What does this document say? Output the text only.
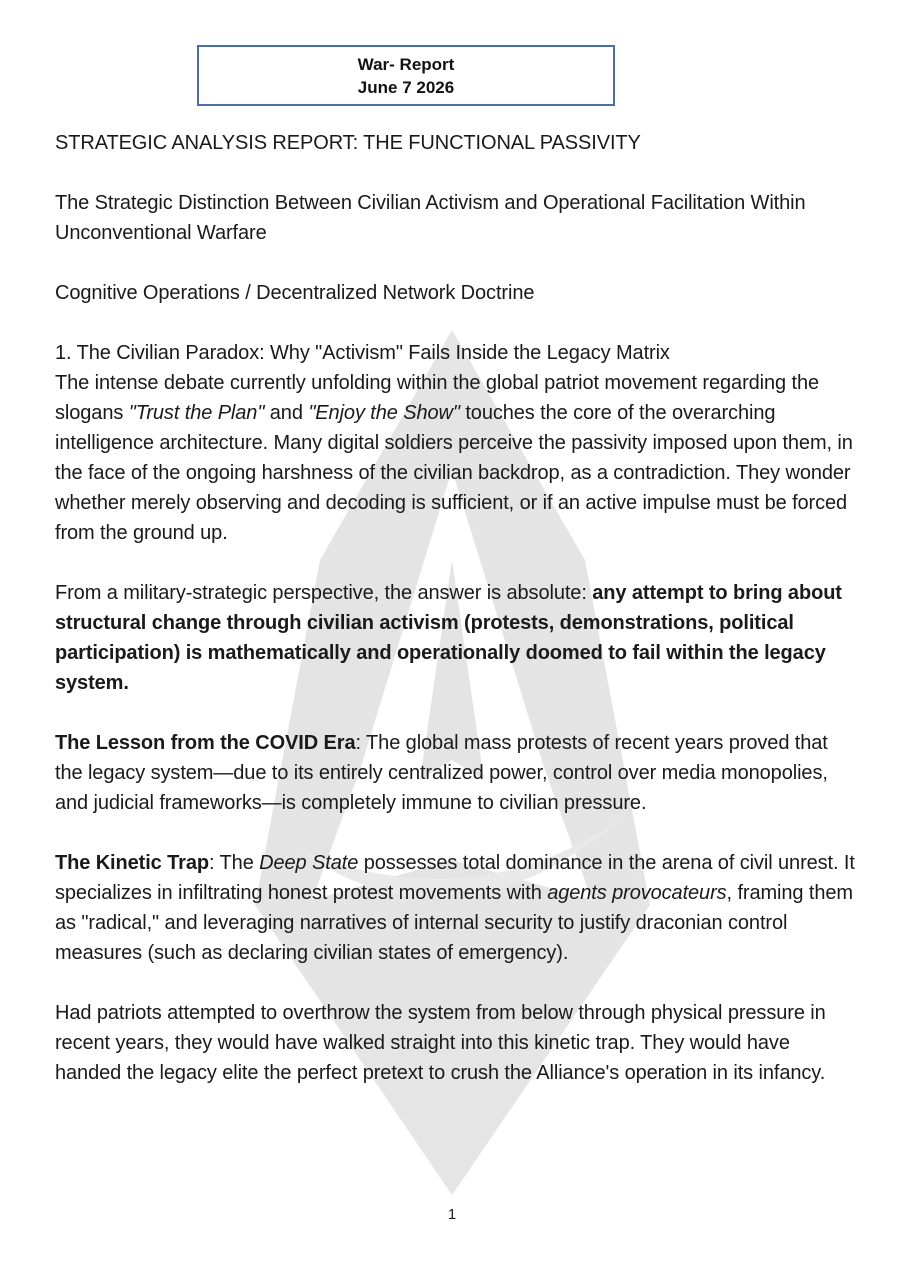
War- Report
June 7 2026

STRATEGIC ANALYSIS REPORT: THE FUNCTIONAL PASSIVITY

The Strategic Distinction Between Civilian Activism and Operational Facilitation Within Unconventional Warfare

Cognitive Operations / Decentralized Network Doctrine

1. The Civilian Paradox: Why "Activism" Fails Inside the Legacy Matrix

The intense debate currently unfolding within the global patriot movement regarding the slogans "Trust the Plan" and "Enjoy the Show" touches the core of the overarching intelligence architecture. Many digital soldiers perceive the passivity imposed upon them, in the face of the ongoing harshness of the civilian backdrop, as a contradiction. They wonder whether merely observing and decoding is sufficient, or if an active impulse must be forced from the ground up.

From a military-strategic perspective, the answer is absolute: any attempt to bring about structural change through civilian activism (protests, demonstrations, political participation) is mathematically and operationally doomed to fail within the legacy system.

The Lesson from the COVID Era: The global mass protests of recent years proved that the legacy system—due to its entirely centralized power, control over media monopolies, and judicial frameworks—is completely immune to civilian pressure.

The Kinetic Trap: The Deep State possesses total dominance in the arena of civil unrest. It specializes in infiltrating honest protest movements with agents provocateurs, framing them as "radical," and leveraging narratives of internal security to justify draconian control measures (such as declaring civilian states of emergency).

Had patriots attempted to overthrow the system from below through physical pressure in recent years, they would have walked straight into this kinetic trap. They would have handed the legacy elite the perfect pretext to crush the Alliance's operation in its infancy.

1
